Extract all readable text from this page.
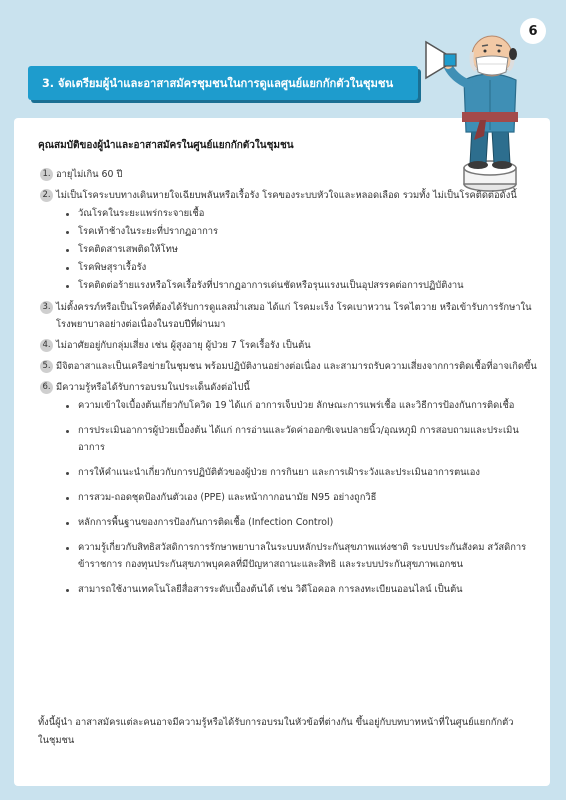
6
3. จัดเตรียมผู้นำและอาสาสมัครชุมชนในการดูแลศูนย์แยกกักตัวในชุมชน
คุณสมบัติของผู้นำและอาสาสมัครในศูนย์แยกกักตัวในชุมชน
1. อายุไม่เกิน 60 ปี
2. ไม่เป็นโรคระบบทางเดินหายใจเฉียบพลันหรือเรื้อรัง โรคของระบบหัวใจและหลอดเลือด รวมทั้ง ไม่เป็นโรคติดต่อดังนี้
วัณโรคในระยะแพร่กระจายเชื้อ
โรคเท้าช้างในระยะที่ปรากฏอาการ
โรคติดสารเสพติดให้โทษ
โรคพิษสุราเรื้อรัง
โรคติดต่อร้ายแรงหรือโรคเรื้อรังที่ปรากฏอาการเด่นชัดหรือรุนแรงนเป็นอุปสรรคต่อการปฏิบัติงาน
3. ไม่ตั้งครรภ์หรือเป็นโรคที่ต้องได้รับการดูแลสม่ำเสมอ ได้แก่ โรคมะเร็ง โรคเบาหวาน โรคไตวาย หรือเข้ารับการรักษาในโรงพยาบาลอย่างต่อเนื่องในรอบปีที่ผ่านมา
4. ไม่อาศัยอยู่กับกลุ่มเสี่ยง เช่น ผู้สูงอายุ ผู้ป่วย 7 โรคเรื้อรัง เป็นต้น
5. มีจิตอาสาและเป็นเครือข่ายในชุมชน พร้อมปฏิบัติงานอย่างต่อเนื่อง และสามารถรับความเสี่ยงจากการติดเชื้อที่อาจเกิดขึ้น
6. มีความรู้หรือได้รับการอบรมในประเด็นดังต่อไปนี้
ความเข้าใจเบื้องต้นเกี่ยวกับโควิด 19 ได้แก่ อาการเจ็บป่วย ลักษณะการแพร่เชื้อ และวิธีการป้องกันการติดเชื้อ
การประเมินอาการผู้ป่วยเบื้องต้น ได้แก่ การอ่านและวัดค่าออกซิเจนปลายนิ้ว/อุณหภูมิ การสอบถามและประเมินอาการ
การให้คำแนะนำเกี่ยวกับการปฏิบัติตัวของผู้ป่วย การกินยา และการเฝ้าระวังและประเมินอาการตนเอง
การสวม-ถอดชุดป้องกันตัวเอง (PPE) และหน้ากากอนามัย N95 อย่างถูกวิธี
หลักการพื้นฐานของการป้องกันการติดเชื้อ (Infection Control)
ความรู้เกี่ยวกับสิทธิสวัสดิการการรักษาพยาบาลในระบบหลักประกันสุขภาพแห่งชาติ ระบบประกันสังคม สวัสดิการข้าราชการ กองทุนประกันสุขภาพบุคคลที่มีปัญหาสถานะและสิทธิ และระบบประกันสุขภาพเอกชน
สามารถใช้งานเทคโนโลยีสื่อสารระดับเบื้องต้นได้ เช่น วิดีโอคอล การลงทะเบียนออนไลน์ เป็นต้น
ทั้งนี้ผู้นำ อาสาสมัครแต่ละคนอาจมีความรู้หรือได้รับการอบรมในหัวข้อที่ต่างกัน ขึ้นอยู่กับบทบาทหน้าที่ในศูนย์แยกกักตัวในชุมชน
